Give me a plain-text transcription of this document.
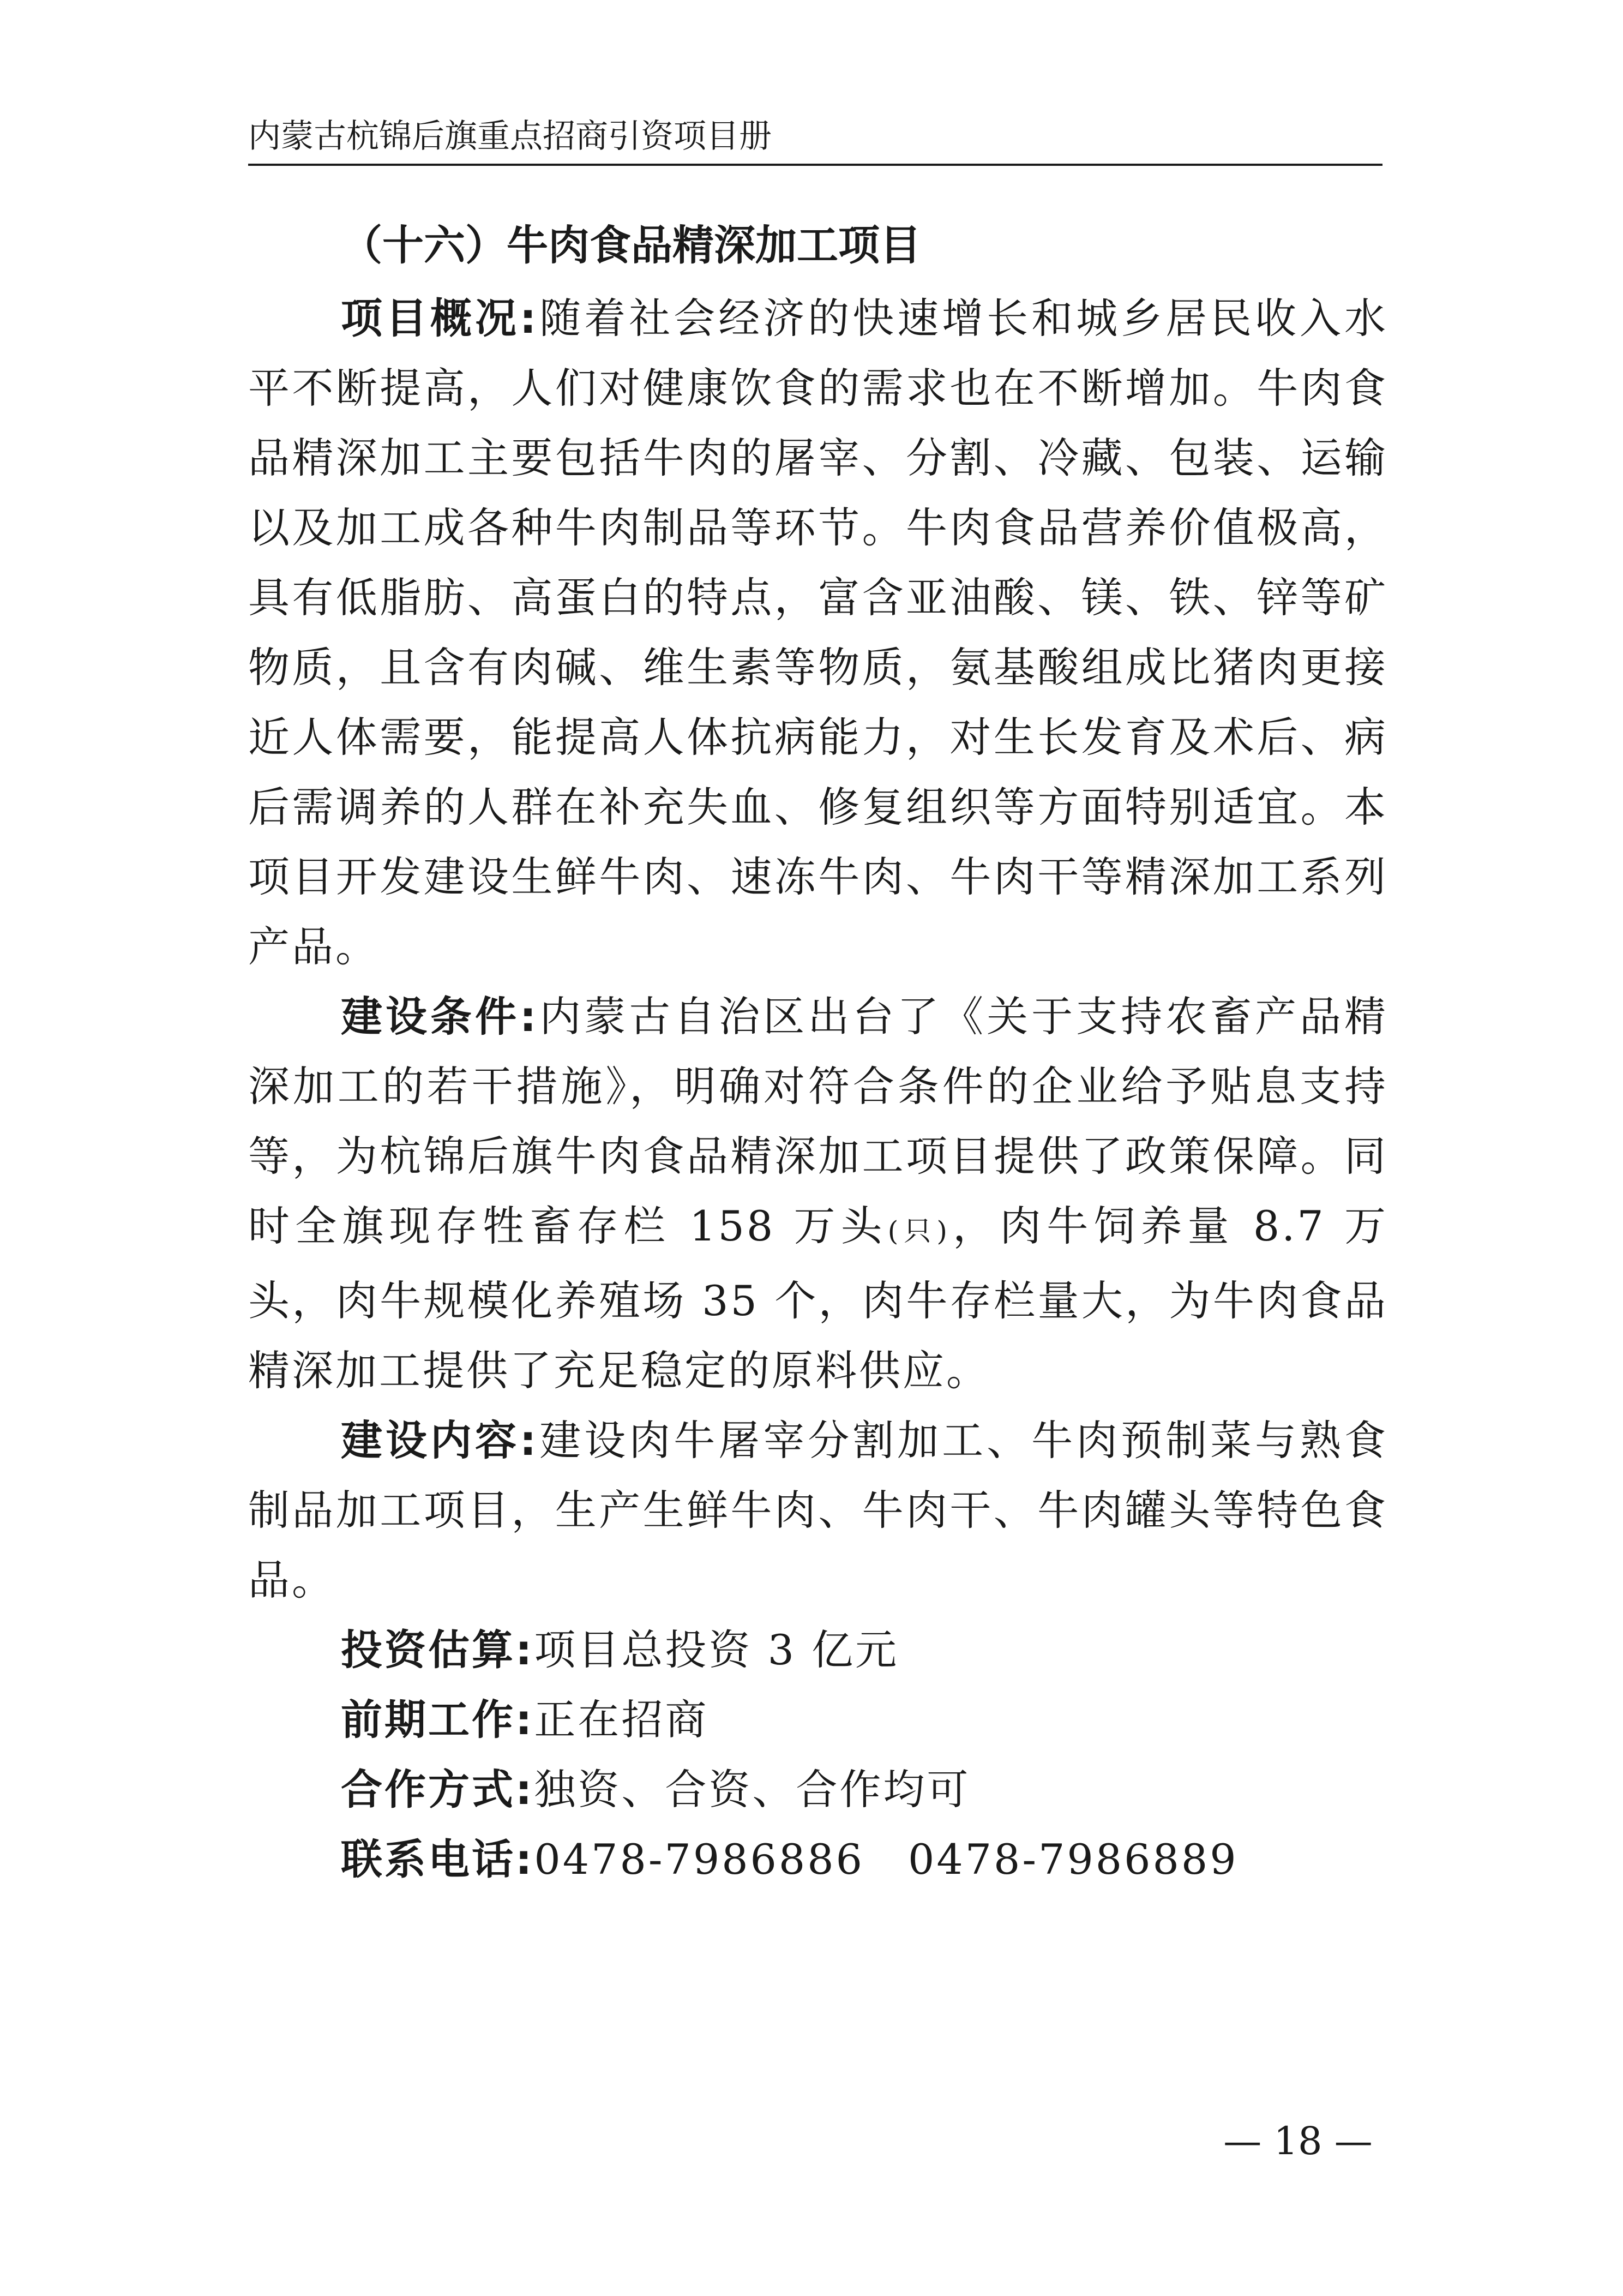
内蒙古杭锦后旗重点招商引资项目册
（十六）牛肉食品精深加工项目

项目概况:随着社会经济的快速增长和城乡居民收入水平不断提高，人们对健康饮食的需求也在不断增加。牛肉食品精深加工主要包括牛肉的屠宰、分割、冷藏、包装、运输以及加工成各种牛肉制品等环节。牛肉食品营养价值极高，具有低脂肪、高蛋白的特点，富含亚油酸、镁、铁、锌等矿物质，且含有肉碱、维生素等物质，氨基酸组成比猪肉更接近人体需要，能提高人体抗病能力，对生长发育及术后、病后需调养的人群在补充失血、修复组织等方面特别适宜。本项目开发建设生鲜牛肉、速冻牛肉、牛肉干等精深加工系列产品。

建设条件:内蒙古自治区出台了《关于支持农畜产品精深加工的若干措施》，明确对符合条件的企业给予贴息支持等，为杭锦后旗牛肉食品精深加工项目提供了政策保障。同时全旗现存牲畜存栏 158 万头(只)，肉牛饲养量 8.7 万头，肉牛规模化养殖场 35 个，肉牛存栏量大，为牛肉食品精深加工提供了充足稳定的原料供应。

建设内容:建设肉牛屠宰分割加工、牛肉预制菜与熟食制品加工项目，生产生鲜牛肉、牛肉干、牛肉罐头等特色食品。

投资估算:项目总投资 3 亿元

前期工作:正在招商

合作方式:独资、合资、合作均可

联系电话:0478-7986886 0478-7986889

— 18 —
